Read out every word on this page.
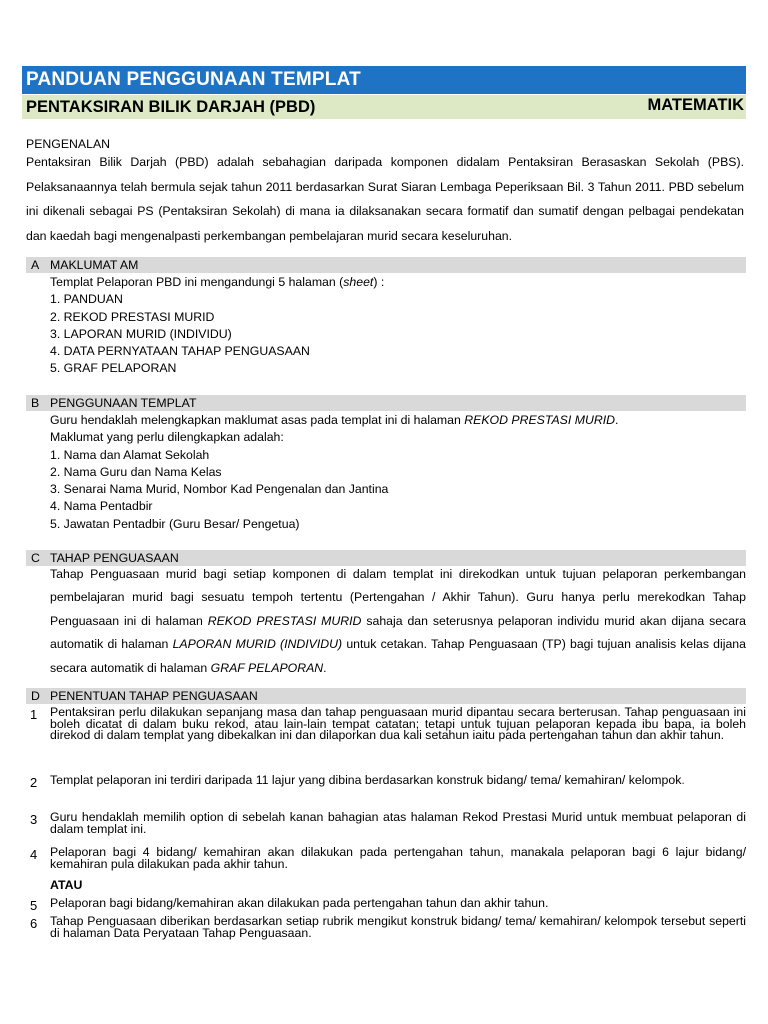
PANDUAN PENGGUNAAN TEMPLAT
PENTAKSIRAN BILIK DARJAH (PBD)	MATEMATIK
PENGENALAN
Pentaksiran Bilik Darjah (PBD) adalah sebahagian daripada komponen didalam Pentaksiran Berasaskan Sekolah (PBS). Pelaksanaannya telah bermula sejak tahun 2011 berdasarkan Surat Siaran Lembaga Peperiksaan Bil. 3 Tahun 2011. PBD sebelum ini dikenali sebagai PS (Pentaksiran Sekolah) di mana ia dilaksanakan secara formatif dan sumatif dengan pelbagai pendekatan dan kaedah bagi mengenalpasti perkembangan pembelajaran murid secara keseluruhan.
A MAKLUMAT AM
Templat Pelaporan PBD ini mengandungi 5 halaman (sheet) :
1. PANDUAN
2. REKOD PRESTASI MURID
3. LAPORAN MURID (INDIVIDU)
4. DATA PERNYATAAN TAHAP PENGUASAAN
5. GRAF PELAPORAN
B PENGGUNAAN TEMPLAT
Guru hendaklah melengkapkan maklumat asas pada templat ini di halaman REKOD PRESTASI MURID.
Maklumat yang perlu dilengkapkan adalah:
1. Nama dan Alamat Sekolah
2. Nama Guru dan Nama Kelas
3. Senarai Nama Murid, Nombor Kad Pengenalan dan Jantina
4. Nama Pentadbir
5. Jawatan Pentadbir (Guru Besar/ Pengetua)
C TAHAP PENGUASAAN
Tahap Penguasaan murid bagi setiap komponen di dalam templat ini direkodkan untuk tujuan pelaporan perkembangan pembelajaran murid bagi sesuatu tempoh tertentu (Pertengahan / Akhir Tahun). Guru hanya perlu merekodkan Tahap Penguasaan ini di halaman REKOD PRESTASI MURID sahaja dan seterusnya pelaporan individu murid akan dijana secara automatik di halaman LAPORAN MURID (INDIVIDU) untuk cetakan. Tahap Penguasaan (TP) bagi tujuan analisis kelas dijana secara automatik di halaman GRAF PELAPORAN.
D PENENTUAN TAHAP PENGUASAAN
1 Pentaksiran perlu dilakukan sepanjang masa dan tahap penguasaan murid dipantau secara berterusan. Tahap penguasaan ini boleh dicatat di dalam buku rekod, atau lain-lain tempat catatan; tetapi untuk tujuan pelaporan kepada ibu bapa, ia boleh direkod di dalam templat yang dibekalkan ini dan dilaporkan dua kali setahun iaitu pada pertengahan tahun dan akhir tahun.
2 Templat pelaporan ini terdiri daripada 11 lajur yang dibina berdasarkan konstruk bidang/ tema/ kemahiran/ kelompok.
3 Guru hendaklah memilih option di sebelah kanan bahagian atas halaman Rekod Prestasi Murid untuk membuat pelaporan di dalam templat ini.
4 Pelaporan bagi 4 bidang/ kemahiran akan dilakukan pada pertengahan tahun, manakala pelaporan bagi 6 lajur bidang/ kemahiran pula dilakukan pada akhir tahun.
ATAU
5 Pelaporan bagi bidang/kemahiran akan dilakukan pada pertengahan tahun dan akhir tahun.
6 Tahap Penguasaan diberikan berdasarkan setiap rubrik mengikut konstruk bidang/ tema/ kemahiran/ kelompok tersebut seperti di halaman Data Peryataan Tahap Penguasaan.
